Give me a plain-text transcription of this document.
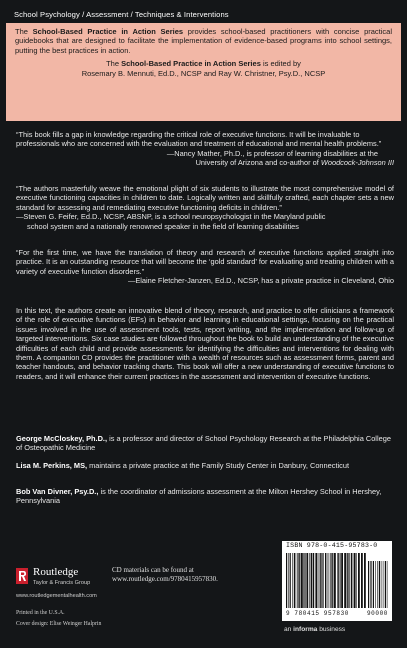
School Psychology / Assessment / Techniques & Interventions

The School-Based Practice in Action Series provides school-based practitioners with concise practical guidebooks that are designed to facilitate the implementation of evidence-based programs into school settings, putting the best practices in action.

The School-Based Practice in Action Series is edited by

Rosemary B. Mennuti, Ed.D., NCSP and Ray W. Christner, Psy.D., NCSP

“This book fills a gap in knowledge regarding the critical role of executive functions. It will be invaluable to professionals who are concerned with the evaluation and treatment of educational and mental health problems.”

—Nancy Mather, Ph.D., is professor of learning disabilities at the

University of Arizona and co-author of Woodcock-Johnson III

“The authors masterfully weave the emotional plight of six students to illustrate the most comprehensive model of executive functioning capacities in children to date. Logically written and skillfully crafted, each chapter sets a new standard for assessing and remediating executive functioning deficits in children.”

—Steven G. Feifer, Ed.D., NCSP, ABSNP, is a school neuropsychologist in the Maryland public

school system and a nationally renowned speaker in the field of learning disabilities

“For the first time, we have the translation of theory and research of executive functions applied straight into practice. It is an outstanding resource that will become the ‘gold standard’ for evaluating and treating children with a variety of executive function disorders.”

—Elaine Fletcher-Janzen, Ed.D., NCSP, has a private practice in Cleveland, Ohio

In this text, the authors create an innovative blend of theory, research, and practice to offer clinicians a framework of the role of executive functions (EFs) in behavior and learning in educational settings, focusing on the practical issues involved in the use of assessment tools, tests, report writing, and the implementation and follow-up of targeted interventions. Six case studies are followed throughout the book to build an understanding of the executive difficulties of each child and provide assessments for identifying the difficulties and interventions for dealing with them. A companion CD provides the practitioner with a wealth of resources such as assessment forms, parent and teacher handouts, and behavior tracking charts. This book will offer a new understanding of executive functions to readers, and it will enhance their current practices in the assessment and intervention of executive functions.
George McCloskey, Ph.D., is a professor and director of School Psychology Research at the Philadelphia College of Osteopathic Medicine
Lisa M. Perkins, MS, maintains a private practice at the Family Study Center in Danbury, Connecticut
Bob Van Divner, Psy.D., is the coordinator of admissions assessment at the Milton Hershey School in Hershey, Pennsylvania
Routledge
Taylor & Francis Group
www.routledgementalhealth.com
CD materials can be found at
www.routledge.com/9780415957830.
Printed in the U.S.A.
Cover design: Elise Weinger Halprin
ISBN 978-0-415-95783-0
9 780415 957830	90000
an informa business
